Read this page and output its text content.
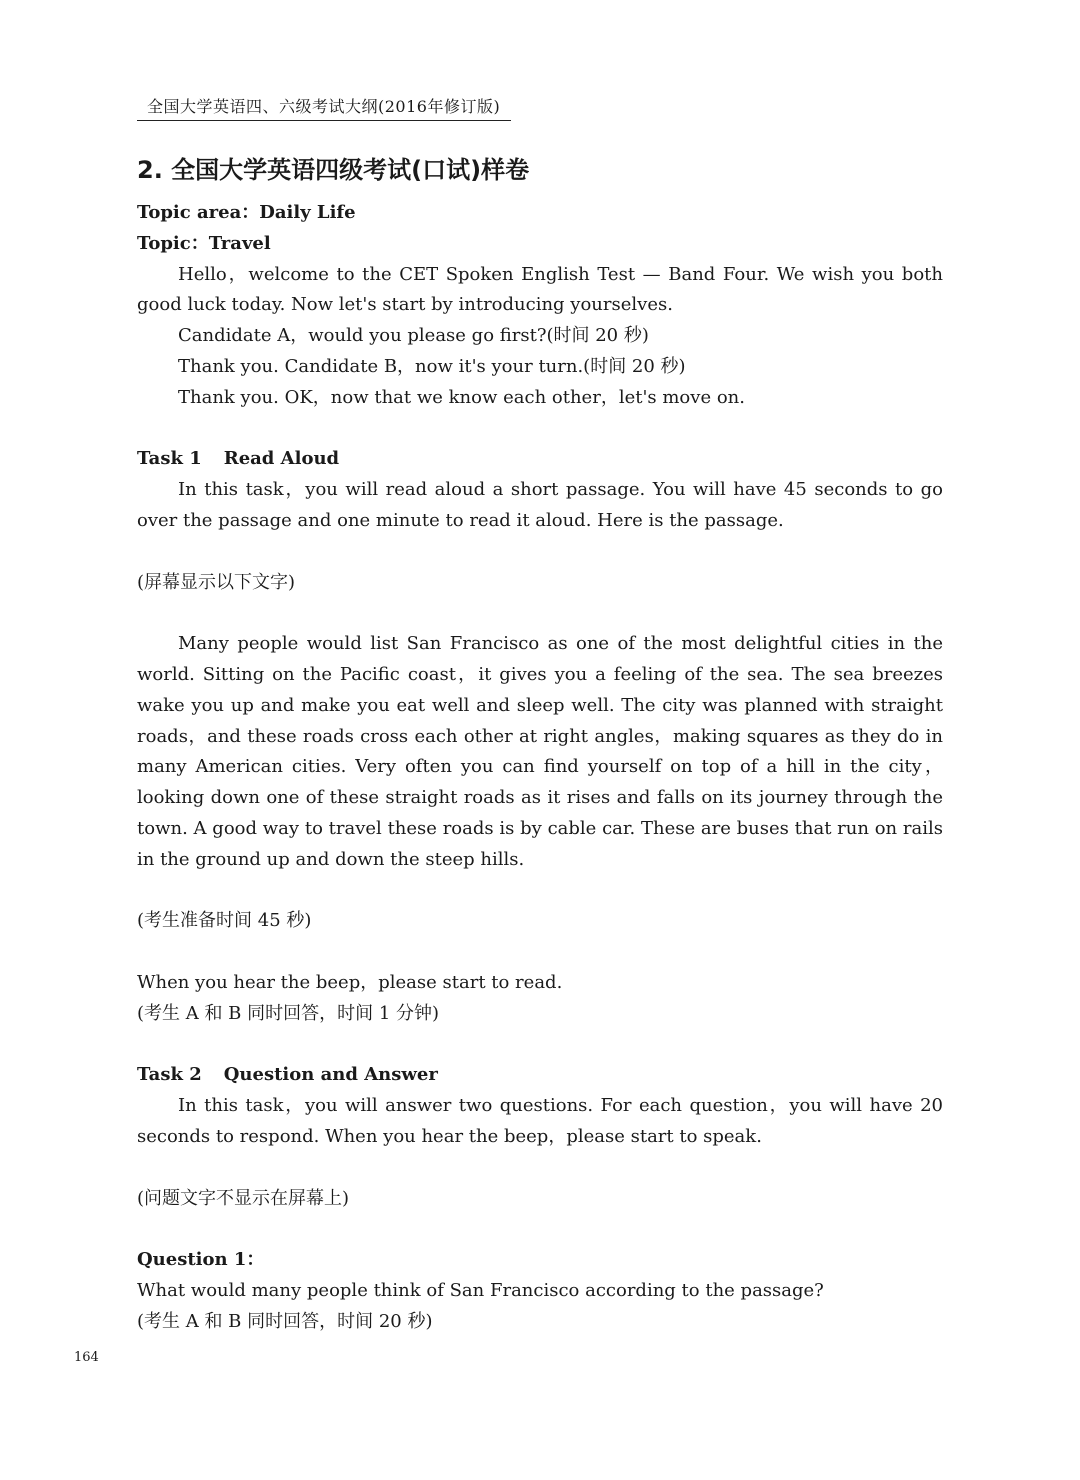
全国大学英语四、六级考试大纲(2016年修订版)
2. 全国大学英语四级考试(口试)样卷

Topic area：Daily Life

Topic：Travel

Hello，welcome to the CET Spoken English Test — Band Four. We wish you both good luck today. Now let's start by introducing yourselves.

Candidate A，would you please go first?(时间 20 秒)

Thank you. Candidate B，now it's your turn.(时间 20 秒)

Thank you. OK，now that we know each other，let's move on.

Task 1 Read Aloud

In this task，you will read aloud a short passage. You will have 45 seconds to go over the passage and one minute to read it aloud. Here is the passage.

(屏幕显示以下文字)

Many people would list San Francisco as one of the most delightful cities in the world. Sitting on the Pacific coast，it gives you a feeling of the sea. The sea breezes wake you up and make you eat well and sleep well. The city was planned with straight roads，and these roads cross each other at right angles，making squares as they do in many American cities. Very often you can find yourself on top of a hill in the city，looking down one of these straight roads as it rises and falls on its journey through the town. A good way to travel these roads is by cable car. These are buses that run on rails in the ground up and down the steep hills.

(考生准备时间 45 秒)

When you hear the beep，please start to read.

(考生 A 和 B 同时回答，时间 1 分钟)

Task 2 Question and Answer

In this task，you will answer two questions. For each question，you will have 20 seconds to respond. When you hear the beep，please start to speak.

(问题文字不显示在屏幕上)

Question 1：

What would many people think of San Francisco according to the passage?

(考生 A 和 B 同时回答，时间 20 秒)

164
